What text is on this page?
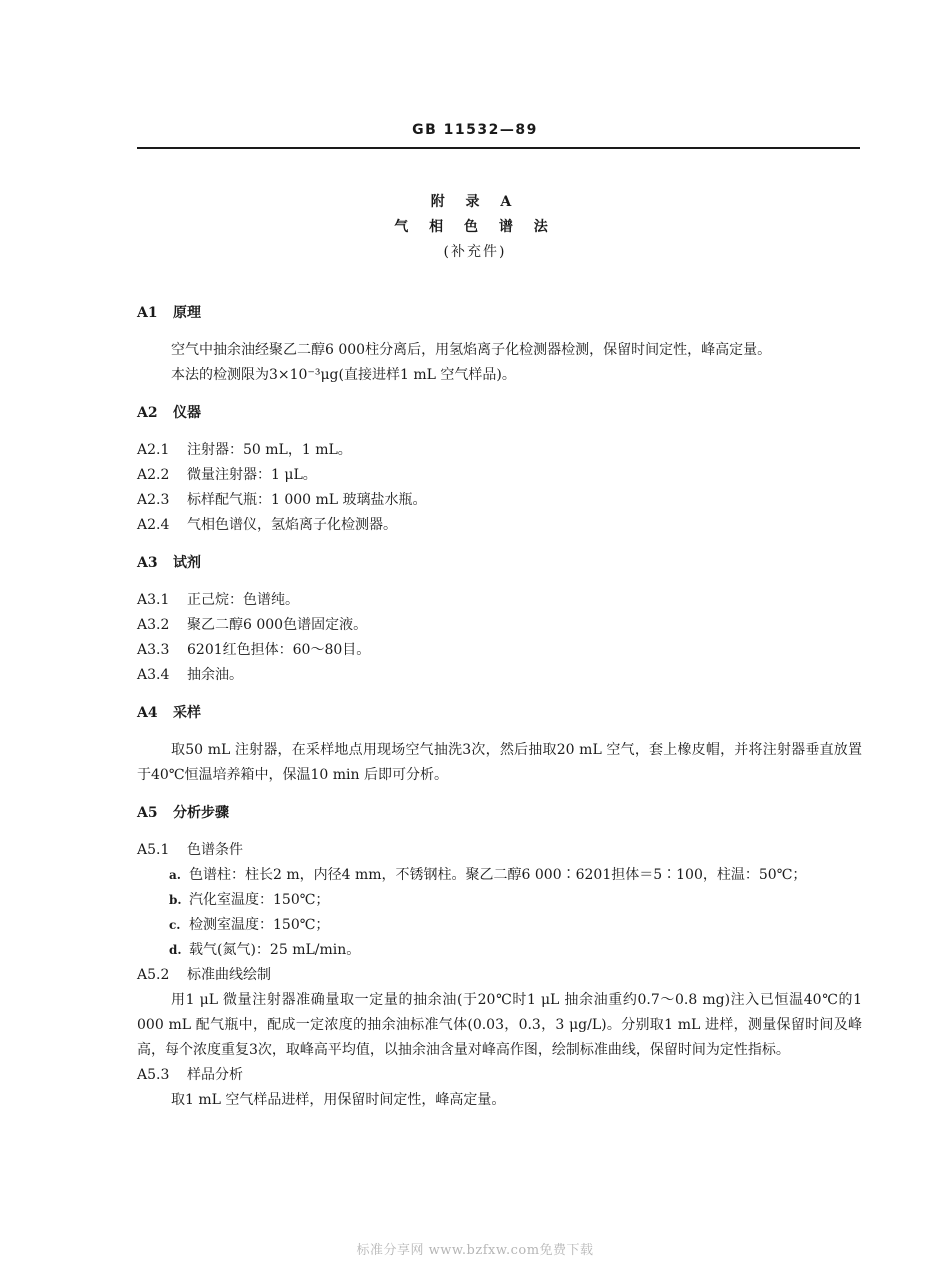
GB 11532—89
附 录 A
气 相 色 谱 法
(补充件)
A1 原理
空气中抽余油经聚乙二醇6 000柱分离后，用氢焰离子化检测器检测，保留时间定性，峰高定量。
本法的检测限为3×10⁻³μg(直接进样1 mL 空气样品)。
A2 仪器
A2.1 注射器：50 mL，1 mL。
A2.2 微量注射器：1 μL。
A2.3 标样配气瓶：1 000 mL 玻璃盐水瓶。
A2.4 气相色谱仪，氢焰离子化检测器。
A3 试剂
A3.1 正己烷：色谱纯。
A3.2 聚乙二醇6 000色谱固定液。
A3.3 6201红色担体：60～80目。
A3.4 抽余油。
A4 采样
取50 mL 注射器，在采样地点用现场空气抽洗3次，然后抽取20 mL 空气，套上橡皮帽，并将注射器垂直放置于40℃恒温培养箱中，保温10 min 后即可分析。
A5 分析步骤
A5.1 色谱条件
a. 色谱柱：柱长2 m，内径4 mm，不锈钢柱。聚乙二醇6 000∶6201担体＝5∶100，柱温：50℃；
b. 汽化室温度：150℃；
c. 检测室温度：150℃；
d. 载气(氮气)：25 mL/min。
A5.2 标准曲线绘制
用1 μL 微量注射器准确量取一定量的抽余油(于20℃时1 μL 抽余油重约0.7～0.8 mg)注入已恒温40℃的1 000 mL 配气瓶中，配成一定浓度的抽余油标准气体(0.03，0.3，3 μg/L)。分别取1 mL 进样，测量保留时间及峰高，每个浓度重复3次，取峰高平均值，以抽余油含量对峰高作图，绘制标准曲线，保留时间为定性指标。
A5.3 样品分析
取1 mL 空气样品进样，用保留时间定性，峰高定量。
标准分享网 www.bzfxw.com免费下载
